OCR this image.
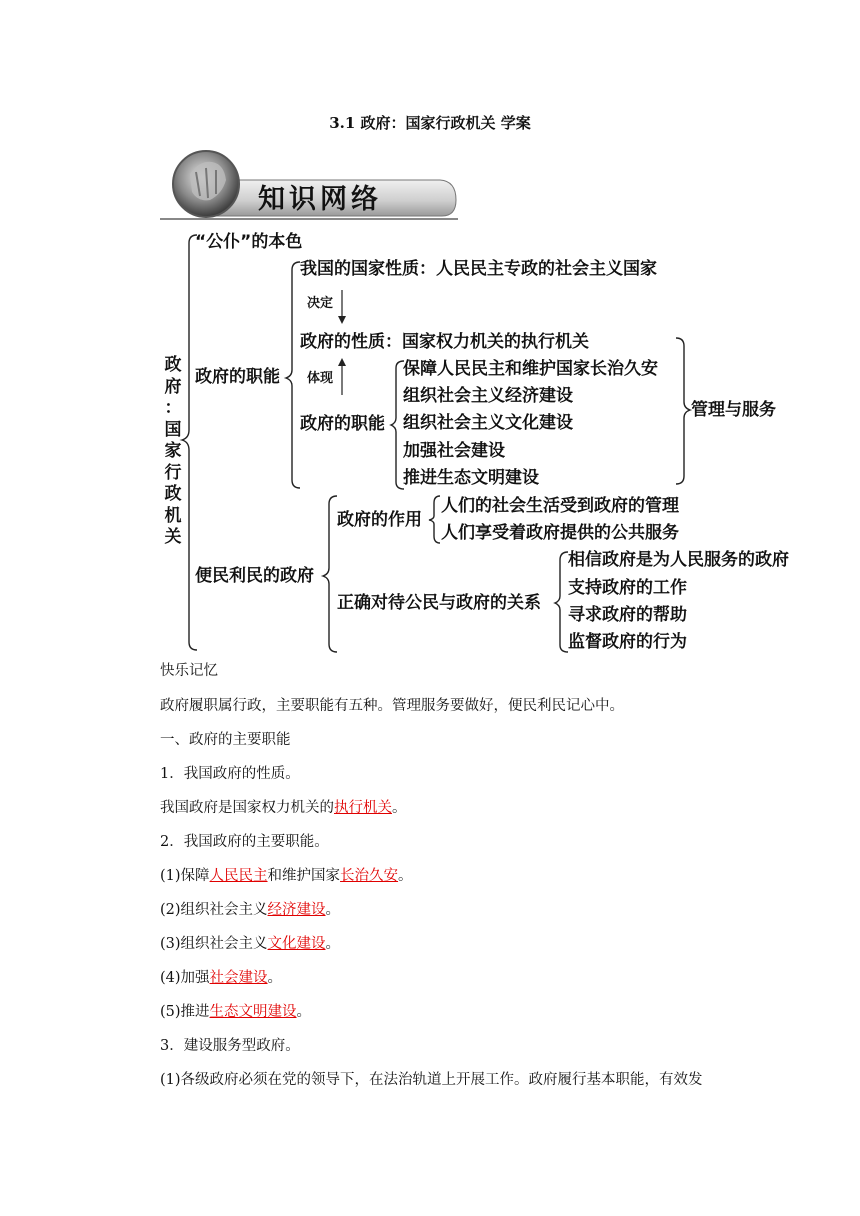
3.1 政府：国家行政机关 学案
知识网络
政
府
：
国
家
行
政
机
关
“公仆”的本色
政府的职能
我国的国家性质：人民民主专政的社会主义国家
决定
政府的性质：国家权力机关的执行机关
体现
政府的职能
保障人民民主和维护国家长治久安
组织社会主义经济建设
组织社会主义文化建设
加强社会建设
推进生态文明建设
管理与服务
便民利民的政府
政府的作用
人们的社会生活受到政府的管理
人们享受着政府提供的公共服务
正确对待公民与政府的关系
相信政府是为人民服务的政府
支持政府的工作
寻求政府的帮助
监督政府的行为
快乐记忆
政府履职属行政，主要职能有五种。管理服务要做好，便民利民记心中。
一、政府的主要职能
1．我国政府的性质。
我国政府是国家权力机关的执行机关。
2．我国政府的主要职能。
(1)保障人民民主和维护国家长治久安。
(2)组织社会主义经济建设。
(3)组织社会主义文化建设。
(4)加强社会建设。
(5)推进生态文明建设。
3．建设服务型政府。
(1)各级政府必须在党的领导下，在法治轨道上开展工作。政府履行基本职能，有效发
